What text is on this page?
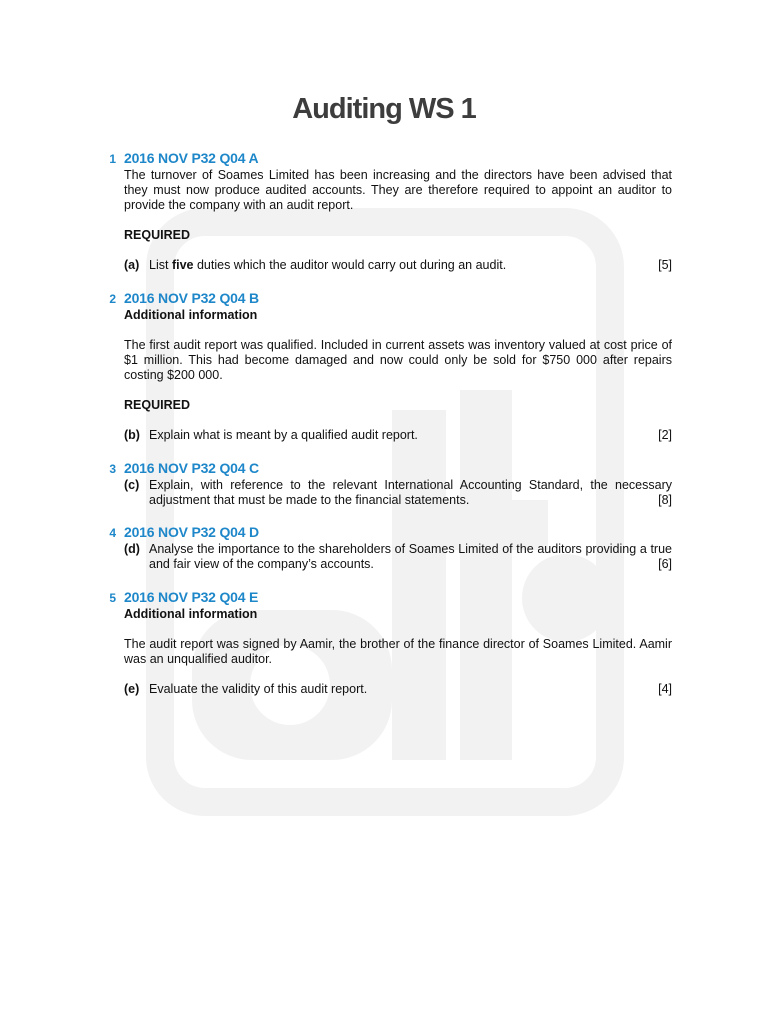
Auditing WS 1
1 2016 NOV P32 Q04 A

The turnover of Soames Limited has been increasing and the directors have been advised that they must now produce audited accounts. They are therefore required to appoint an auditor to provide the company with an audit report.

REQUIRED
(a) List five duties which the auditor would carry out during an audit.	[5]
2 2016 NOV P32 Q04 B
Additional information

The first audit report was qualified. Included in current assets was inventory valued at cost price of $1 million. This had become damaged and now could only be sold for $750 000 after repairs costing $200 000.

REQUIRED
(b) Explain what is meant by a qualified audit report.	[2]
3 2016 NOV P32 Q04 C
(c) Explain, with reference to the relevant International Accounting Standard, the necessary adjustment that must be made to the financial statements.	[8]
4 2016 NOV P32 Q04 D
(d) Analyse the importance to the shareholders of Soames Limited of the auditors providing a true and fair view of the company’s accounts.	[6]
5 2016 NOV P32 Q04 E
Additional information

The audit report was signed by Aamir, the brother of the finance director of Soames Limited. Aamir was an unqualified auditor.

(e) Evaluate the validity of this audit report.	[4]
